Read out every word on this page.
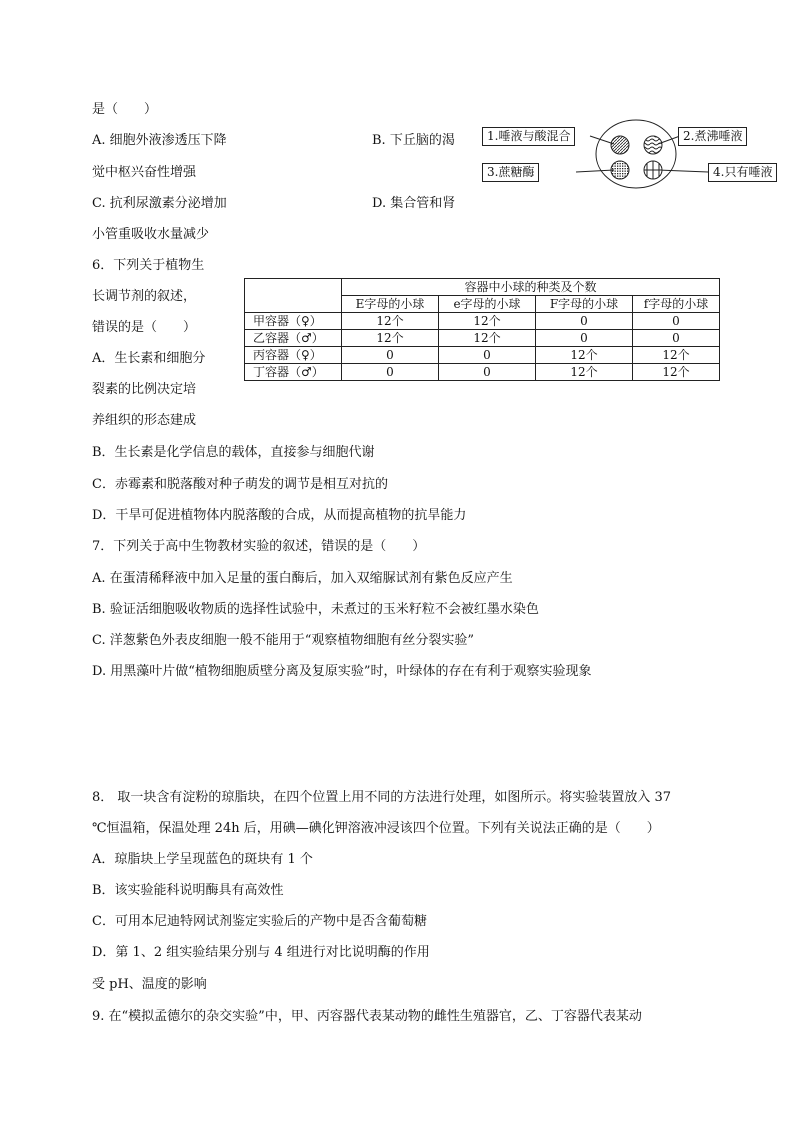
是（　　）
A. 细胞外液渗透压下降	B. 下丘脑的渴
觉中枢兴奋性增强
C. 抗利尿激素分泌增加	D. 集合管和肾
小管重吸收水量减少
1.唾液与酸混合	2.煮沸唾液
3.蔗糖酶	4.只有唾液
6．下列关于植物生
长调节剂的叙述，
错误的是（　　）
A．生长素和细胞分
裂素的比例决定培
养组织的形态建成
B．生长素是化学信息的载体，直接参与细胞代谢
C．赤霉素和脱落酸对种子萌发的调节是相互对抗的
D．干旱可促进植物体内脱落酸的合成，从而提高植物的抗旱能力
	容器中小球的种类及个数			
	E字母的小球	e字母的小球	F字母的小球	f字母的小球
甲容器（♀）	12个	12个	0	0
乙容器（♂）	12个	12个	0	0
丙容器（♀）	0	0	12个	12个
丁容器（♂）	0	0	12个	12个
7．下列关于高中生物教材实验的叙述，错误的是（　　）
A. 在蛋清稀释液中加入足量的蛋白酶后，加入双缩脲试剂有紫色反应产生
B. 验证活细胞吸收物质的选择性试验中，未煮过的玉米籽粒不会被红墨水染色
C. 洋葱紫色外表皮细胞一般不能用于“观察植物细胞有丝分裂实验”
D. 用黑藻叶片做“植物细胞质壁分离及复原实验”时，叶绿体的存在有利于观察实验现象
8． 取一块含有淀粉的琼脂块，在四个位置上用不同的方法进行处理，如图所示。将实验装置放入 37
℃恒温箱，保温处理 24h 后，用碘—碘化钾溶液冲浸该四个位置。下列有关说法正确的是（　　）
A．琼脂块上学呈现蓝色的斑块有 1 个
B．该实验能科说明酶具有高效性
C．可用本尼迪特网试剂鉴定实验后的产物中是否含葡萄糖
D．第 1、2 组实验结果分别与 4 组进行对比说明酶的作用
受 pH、温度的影响
9. 在“模拟孟德尔的杂交实验”中，甲、丙容器代表某动物的雌性生殖器官，乙、丁容器代表某动
